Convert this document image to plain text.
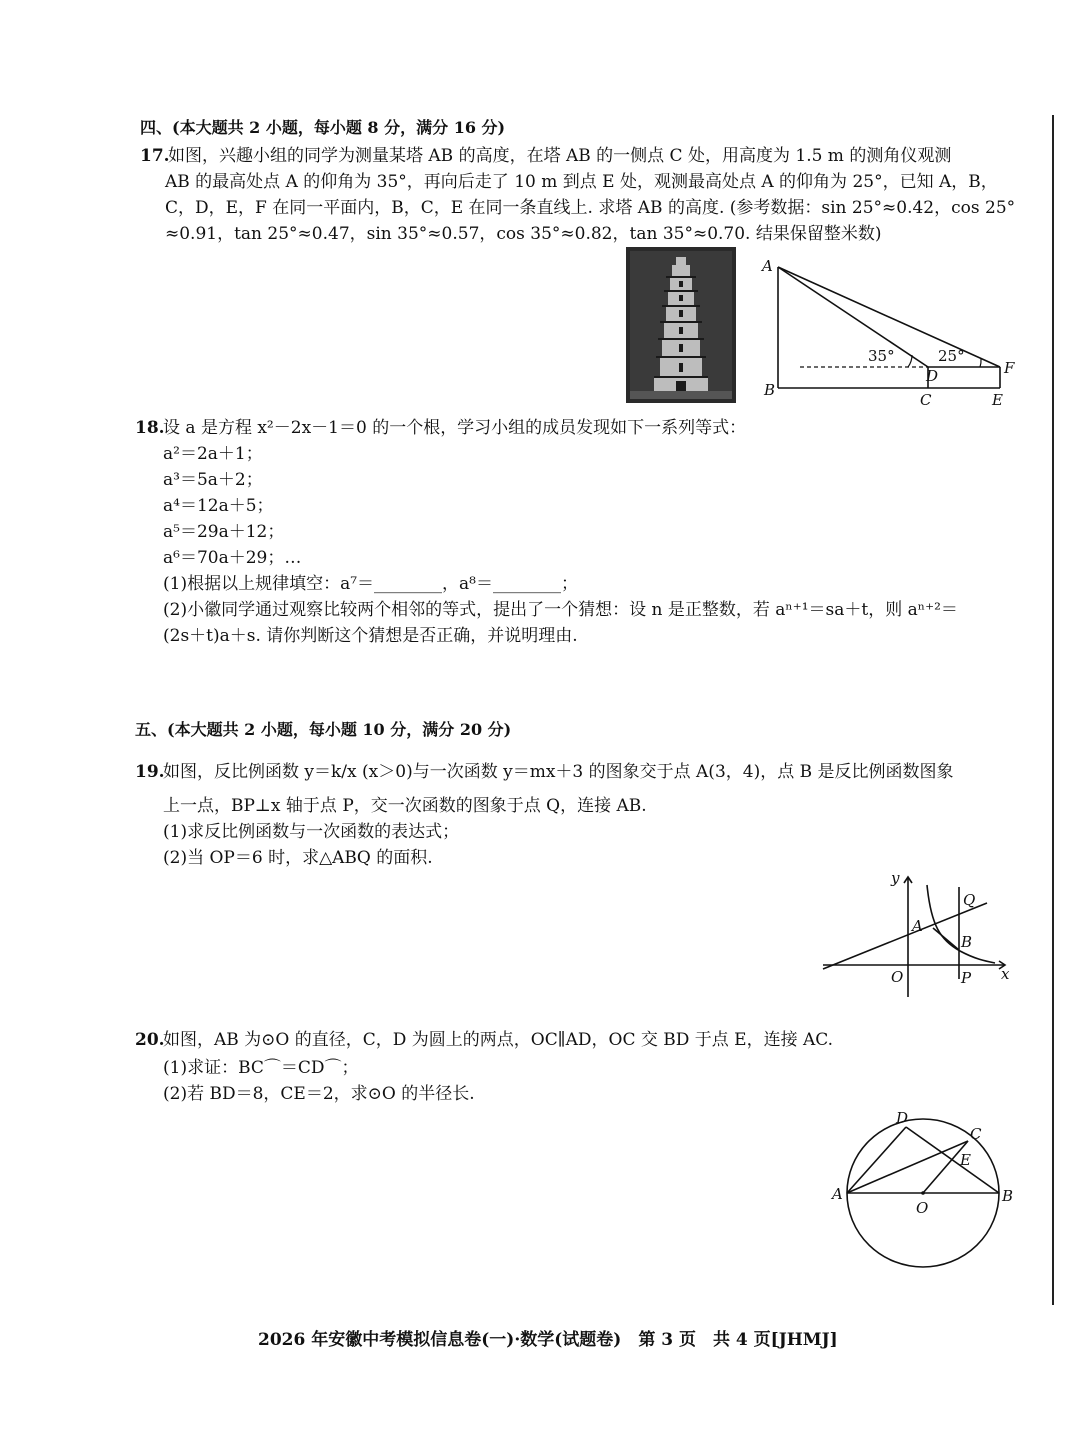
四、(本大题共 2 小题，每小题 8 分，满分 16 分)
17.
如图，兴趣小组的同学为测量某塔 AB 的高度，在塔 AB 的一侧点 C 处，用高度为 1.5 m 的测角仪观测
AB 的最高处点 A 的仰角为 35°，再向后走了 10 m 到点 E 处，观测最高处点 A 的仰角为 25°，已知 A，B，
C，D，E，F 在同一平面内，B，C，E 在同一条直线上. 求塔 AB 的高度. (参考数据：sin 25°≈0.42，cos 25°
≈0.91，tan 25°≈0.47，sin 35°≈0.57，cos 35°≈0.82，tan 35°≈0.70. 结果保留整米数)
A
B
C
D
E
F
35°	25°
18.
设 a 是方程 x²－2x－1＝0 的一个根，学习小组的成员发现如下一系列等式：
a²＝2a＋1；
a³＝5a＋2；
a⁴＝12a＋5；
a⁵＝29a＋12；
a⁶＝70a＋29；…
(1)根据以上规律填空：a⁷＝________，a⁸＝________；
(2)小徽同学通过观察比较两个相邻的等式，提出了一个猜想：设 n 是正整数，若 aⁿ⁺¹＝sa＋t，则 aⁿ⁺²＝
(2s＋t)a＋s. 请你判断这个猜想是否正确，并说明理由.
五、(本大题共 2 小题，每小题 10 分，满分 20 分)
19.
如图，反比例函数 y＝k/x (x＞0)与一次函数 y＝mx＋3 的图象交于点 A(3，4)，点 B 是反比例函数图象
上一点，BP⊥x 轴于点 P，交一次函数的图象于点 Q，连接 AB.
(1)求反比例函数与一次函数的表达式；
(2)当 OP＝6 时，求△ABQ 的面积.
y
x
O
A
B
P
Q
20.
如图，AB 为⊙O 的直径，C，D 为圆上的两点，OC∥AD，OC 交 BD 于点 E，连接 AC.
(1)求证：BC⌒＝CD⌒；
(2)若 BD＝8，CE＝2，求⊙O 的半径长.
A	B
C
D
E
O
2026 年安徽中考模拟信息卷(一)·数学(试题卷)　第 3 页　共 4 页[JHMJ]
